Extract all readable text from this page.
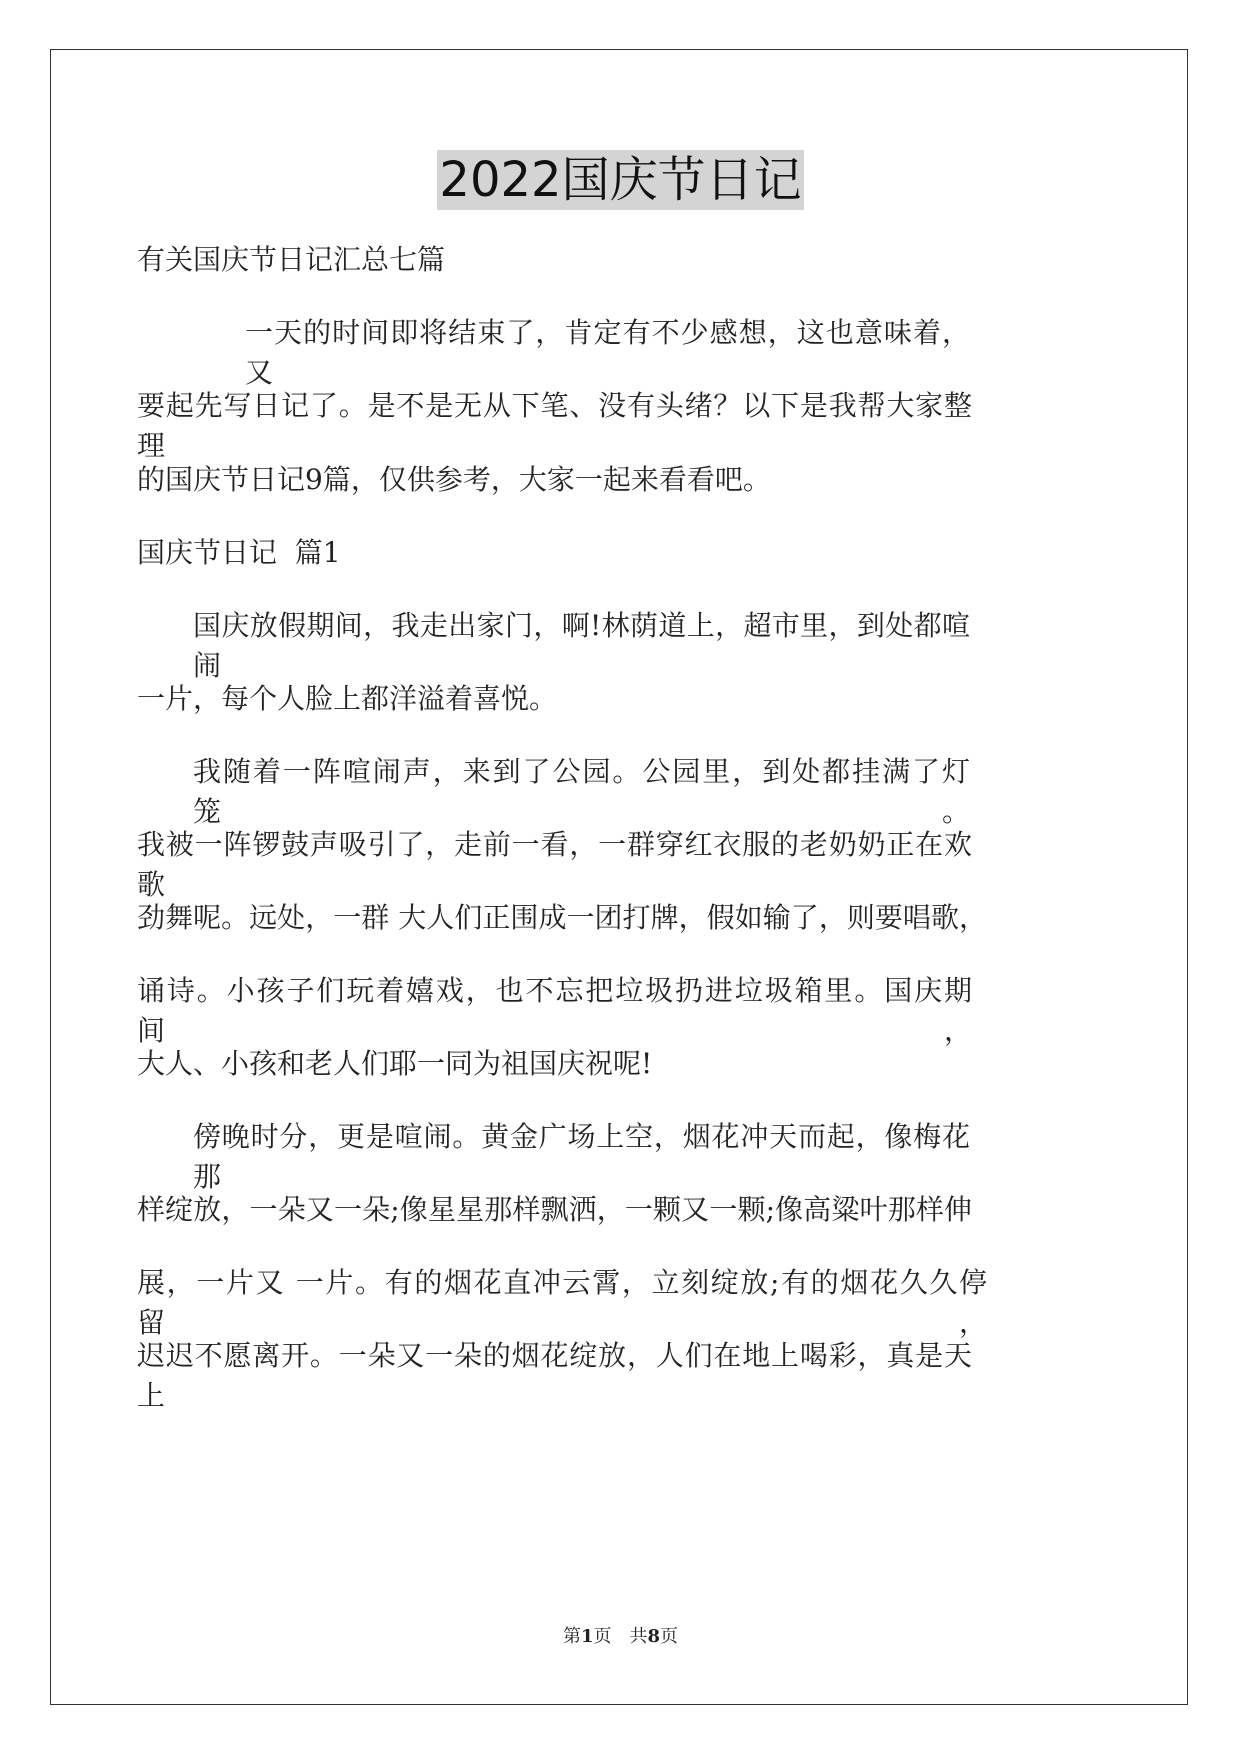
2022国庆节日记
有关国庆节日记汇总七篇
一天的时间即将结束了，肯定有不少感想，这也意味着，又
要起先写日记了。是不是无从下笔、没有头绪？以下是我帮大家整理
的国庆节日记9篇，仅供参考，大家一起来看看吧。
国庆节日记  篇1
国庆放假期间，我走出家门，啊!林荫道上，超市里，到处都喧闹
一片，每个人脸上都洋溢着喜悦。
我随着一阵喧闹声，来到了公园。公园里，到处都挂满了灯笼。
我被一阵锣鼓声吸引了，走前一看，一群穿红衣服的老奶奶正在欢歌
劲舞呢。远处，一群 大人们正围成一团打牌，假如输了，则要唱歌，
诵诗。小孩子们玩着嬉戏，也不忘把垃圾扔进垃圾箱里。国庆期间，
大人、小孩和老人们耶一同为祖国庆祝呢!
傍晚时分，更是喧闹。黄金广场上空，烟花冲天而起，像梅花那
样绽放，一朵又一朵;像星星那样飘洒，一颗又一颗;像高粱叶那样伸
展，一片又 一片。有的烟花直冲云霄，立刻绽放;有的烟花久久停留，
迟迟不愿离开。一朵又一朵的烟花绽放，人们在地上喝彩，真是天上
第1页　共8页
